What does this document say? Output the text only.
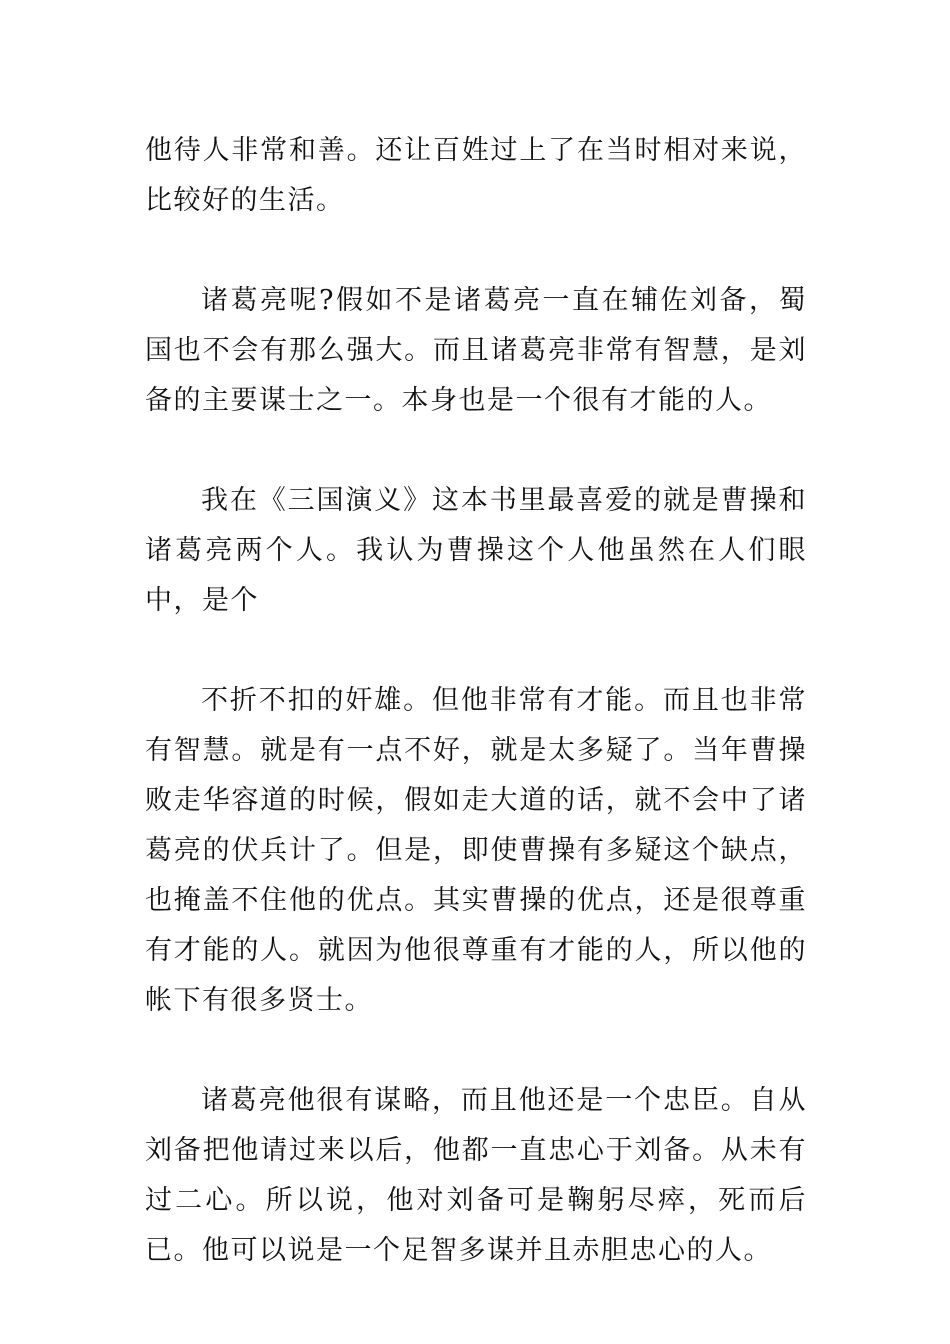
他待人非常和善。还让百姓过上了在当时相对来说，比较好的生活。

诸葛亮呢?假如不是诸葛亮一直在辅佐刘备，蜀国也不会有那么强大。而且诸葛亮非常有智慧，是刘备的主要谋士之一。本身也是一个很有才能的人。

我在《三国演义》这本书里最喜爱的就是曹操和诸葛亮两个人。我认为曹操这个人他虽然在人们眼中，是个

不折不扣的奸雄。但他非常有才能。而且也非常有智慧。就是有一点不好，就是太多疑了。当年曹操败走华容道的时候，假如走大道的话，就不会中了诸葛亮的伏兵计了。但是，即使曹操有多疑这个缺点，也掩盖不住他的优点。其实曹操的优点，还是很尊重有才能的人。就因为他很尊重有才能的人，所以他的帐下有很多贤士。

诸葛亮他很有谋略，而且他还是一个忠臣。自从刘备把他请过来以后，他都一直忠心于刘备。从未有过二心。所以说，他对刘备可是鞠躬尽瘁，死而后已。他可以说是一个足智多谋并且赤胆忠心的人。
